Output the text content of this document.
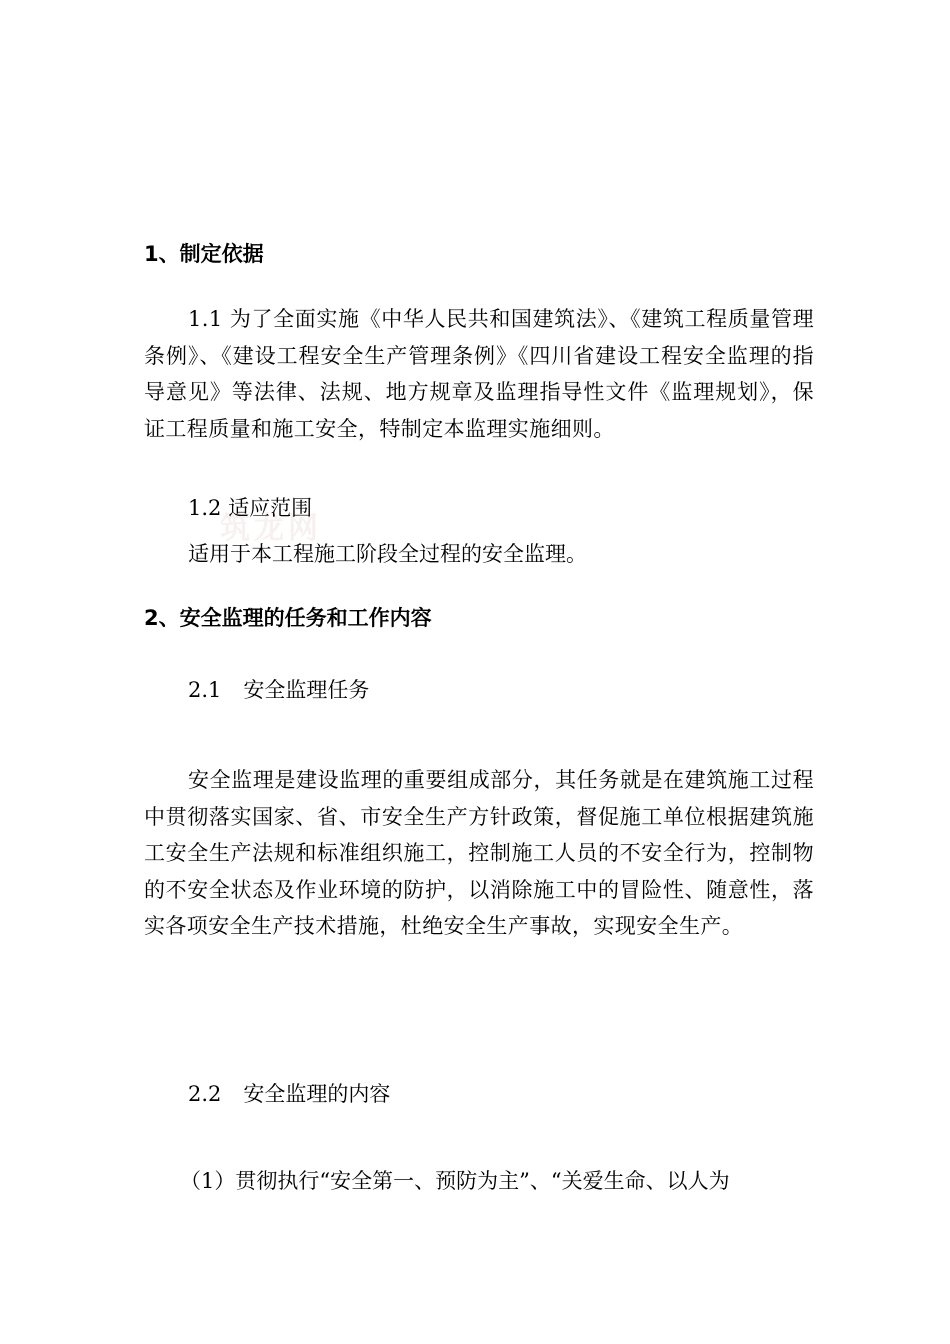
筑龙网
1、制定依据
1.1 为了全面实施《中华人民共和国建筑法》、《建筑工程质量管理条例》、《建设工程安全生产管理条例》《四川省建设工程安全监理的指导意见》等法律、法规、地方规章及监理指导性文件《监理规划》，保证工程质量和施工安全，特制定本监理实施细则。
1.2 适应范围
适用于本工程施工阶段全过程的安全监理。
2、安全监理的任务和工作内容
2.1 安全监理任务
安全监理是建设监理的重要组成部分，其任务就是在建筑施工过程中贯彻落实国家、省、市安全生产方针政策，督促施工单位根据建筑施工安全生产法规和标准组织施工，控制施工人员的不安全行为，控制物的不安全状态及作业环境的防护，以消除施工中的冒险性、随意性，落实各项安全生产技术措施，杜绝安全生产事故，实现安全生产。
2.2 安全监理的内容
（1）贯彻执行“安全第一、预防为主”、“关爱生命、以人为
